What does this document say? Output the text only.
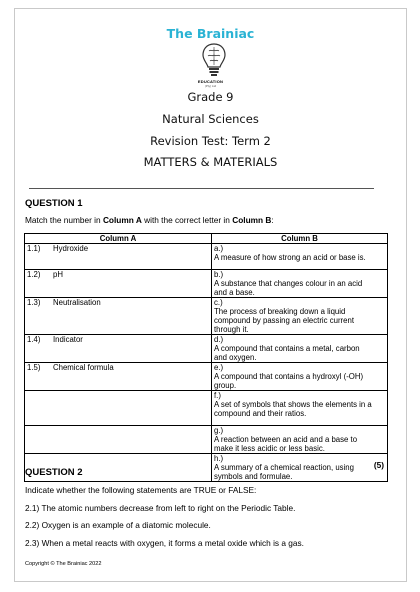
The Brainiac
EDUCATION
(Pty) Ltd
Grade 9
Natural Sciences
Revision Test: Term 2
MATTERS & MATERIALS
QUESTION 1
Match the number in Column A with the correct letter in Column B:
Column A	Column B
1.1) Hydroxide	a.)A measure of how strong an acid or base is.
1.2) pH	b.)A substance that changes colour in an acid and a base.
1.3) Neutralisation	c.)The process of breaking down a liquid compound by passing an electric current through it.
1.4) Indicator	d.)A compound that contains a metal, carbon and oxygen.
1.5) Chemical formula	e.)A compound that contains a hydroxyl (-OH) group.
	f.)A set of symbols that shows the elements in a compound and their ratios.
	g.)A reaction between an acid and a base to make it less acidic or less basic.
	h.)A summary of a chemical reaction, using symbols and formulae.
(5)
QUESTION 2
Indicate whether the following statements are TRUE or FALSE:
2.1) The atomic numbers decrease from left to right on the Periodic Table.
2.2) Oxygen is an example of a diatomic molecule.
2.3) When a metal reacts with oxygen, it forms a metal oxide which is a gas.
Copyright © The Brainiac 2022
